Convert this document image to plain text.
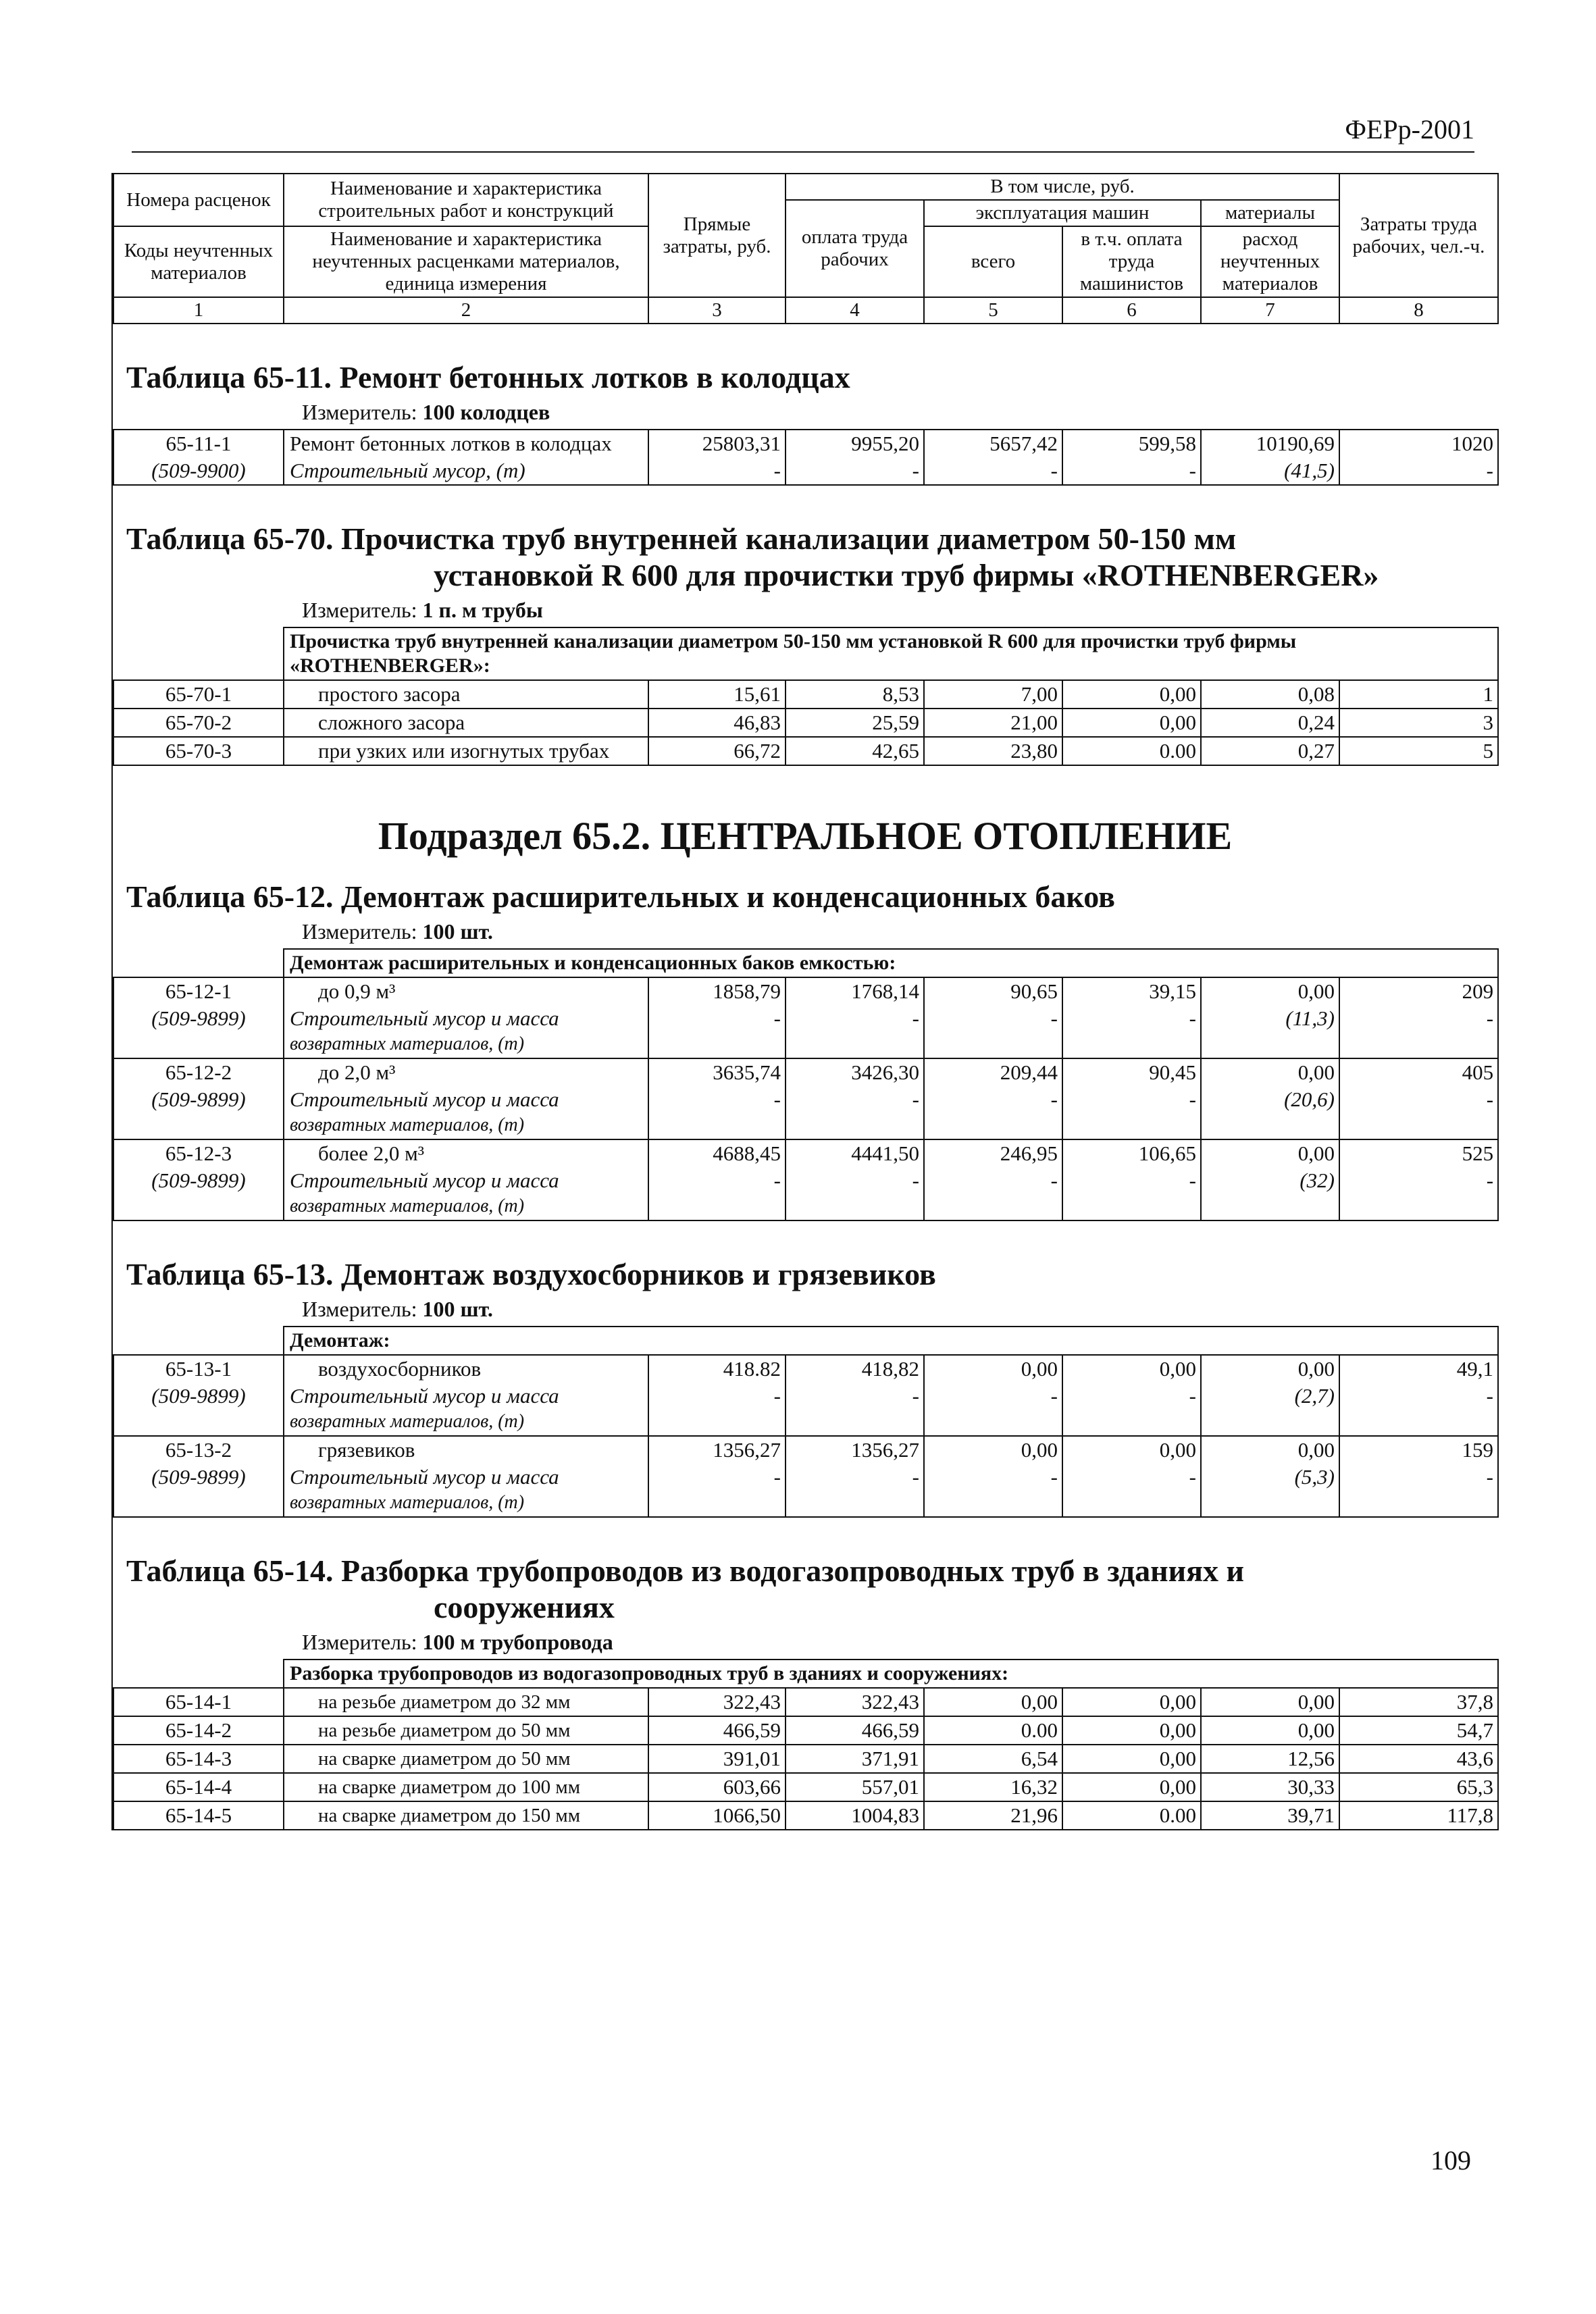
ФЕРр-2001
Номера расценок	Наименование и характеристика строительных работ и конструкций	Прямые затраты, руб.	В том числе, руб.				Затраты труда рабочих, чел.-ч.
			оплата труда рабочих	эксплуатация машин		материалы	
Коды неучтенных материалов	Наименование и характеристика неучтенных расценками материалов, единица измерения			всего	в т.ч. оплата труда машинистов	расход неучтенных материалов	

1	2	3	4	5	6	7	8
Таблица 65-11. Ремонт бетонных лотков в колодцах
Измеритель: 100 колодцев
65-11-1	Ремонт бетонных лотков в колодцах	25803,31	9955,20	5657,42	599,58	10190,69	1020
(509-9900)	Строительный мусор, (т)	-	-	-	-	(41,5)	-
Таблица 65-70. Прочистка труб внутренней канализации диаметром 50-150 мм
установкой R 600 для прочистки труб фирмы «ROTHENBERGER»
Измеритель: 1 п. м трубы
	Прочистка труб внутренней канализации диаметром 50-150 мм установкой R 600 для прочистки труб фирмы «ROTHENBERGER»:						
65-70-1	простого засора	15,61	8,53	7,00	0,00	0,08	1
65-70-2	сложного засора	46,83	25,59	21,00	0,00	0,24	3
65-70-3	при узких или изогнутых трубах	66,72	42,65	23,80	0.00	0,27	5
Подраздел 65.2. ЦЕНТРАЛЬНОЕ ОТОПЛЕНИЕ
Таблица 65-12. Демонтаж расширительных и конденсационных баков
Измеритель: 100 шт.
	Демонтаж расширительных и конденсационных баков емкостью:						
65-12-1	до 0,9 м³	1858,79	1768,14	90,65	39,15	0,00	209
(509-9899)	Строительный мусор и масса
возвратных материалов, (т)	-	-	-	-	(11,3)	-
65-12-2	до 2,0 м³	3635,74	3426,30	209,44	90,45	0,00	405
(509-9899)	Строительный мусор и масса
возвратных материалов, (т)	-	-	-	-	(20,6)	-
65-12-3	более 2,0 м³	4688,45	4441,50	246,95	106,65	0,00	525
(509-9899)	Строительный мусор и масса
возвратных материалов, (т)	-	-	-	-	(32)	-
Таблица 65-13. Демонтаж воздухосборников и грязевиков
Измеритель: 100 шт.
	Демонтаж:						
65-13-1	воздухосборников	418.82	418,82	0,00	0,00	0,00	49,1
(509-9899)	Строительный мусор и масса
возвратных материалов, (т)	-	-	-	-	(2,7)	-
65-13-2	грязевиков	1356,27	1356,27	0,00	0,00	0,00	159
(509-9899)	Строительный мусор и масса
возвратных материалов, (т)	-	-	-	-	(5,3)	-
Таблица 65-14. Разборка трубопроводов из водогазопроводных труб в зданиях и
сооружениях
Измеритель: 100 м трубопровода
	Разборка трубопроводов из водогазопроводных труб в зданиях и сооружениях:						
65-14-1	на резьбе диаметром до 32 мм	322,43	322,43	0,00	0,00	0,00	37,8
65-14-2	на резьбе диаметром до 50 мм	466,59	466,59	0.00	0,00	0,00	54,7
65-14-3	на сварке диаметром до 50 мм	391,01	371,91	6,54	0,00	12,56	43,6
65-14-4	на сварке диаметром до 100 мм	603,66	557,01	16,32	0,00	30,33	65,3
65-14-5	на сварке диаметром до 150 мм	1066,50	1004,83	21,96	0.00	39,71	117,8
109
